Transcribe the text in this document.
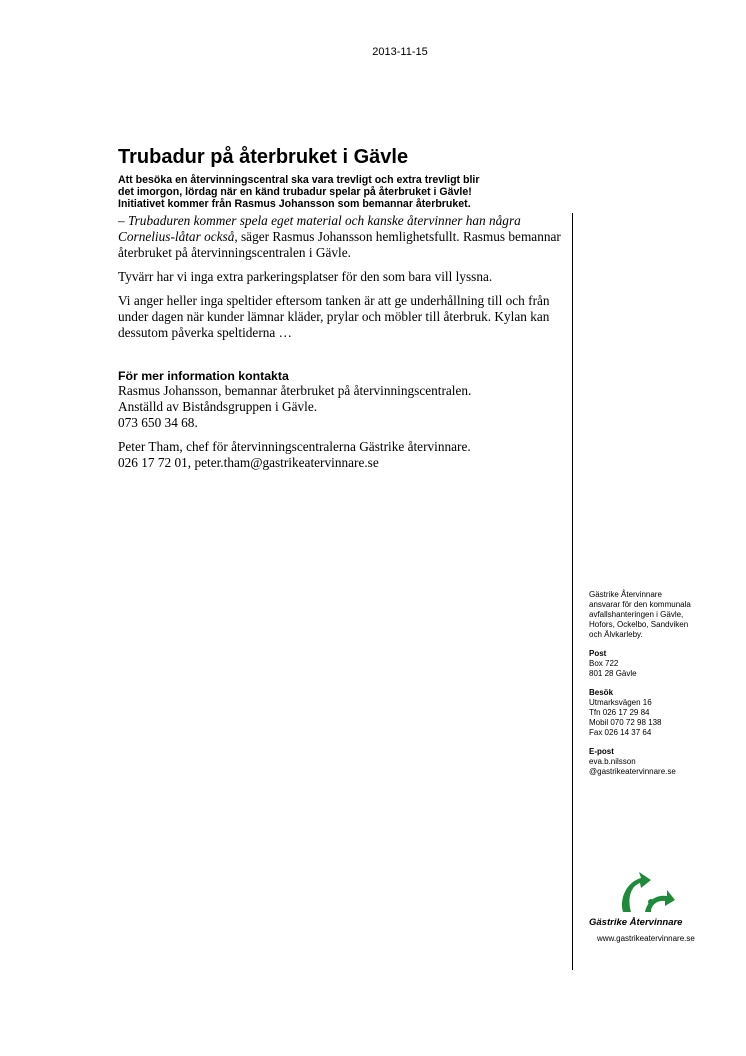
2013-11-15
Trubadur på återbruket i Gävle

Att besöka en återvinningscentral ska vara trevligt och extra trevligt blir
det imorgon, lördag när en känd trubadur spelar på återbruket i Gävle!
Initiativet kommer från Rasmus Johansson som bemannar återbruket.

– Trubaduren kommer spela eget material och kanske återvinner han några Cornelius-låtar också, säger Rasmus Johansson hemlighetsfullt. Rasmus bemannar återbruket på återvinningscentralen i Gävle.

Tyvärr har vi inga extra parkeringsplatser för den som bara vill lyssna.

Vi anger heller inga speltider eftersom tanken är att ge underhållning till och från under dagen när kunder lämnar kläder, prylar och möbler till återbruk. Kylan kan dessutom påverka speltiderna …

För mer information kontakta

Rasmus Johansson, bemannar återbruket på återvinningscentralen.
Anställd av Biståndsgruppen i Gävle.
073 650 34 68.

Peter Tham, chef för återvinningscentralerna Gästrike återvinnare.
026 17 72 01, peter.tham@gastrikeatervinnare.se

Gästrike Återvinnare
ansvarar för den kommunala
avfallshanteringen i Gävle,
Hofors, Ockelbo, Sandviken
och Älvkarleby.
Post
Box 722
801 28 Gävle
Besök
Utmarksvägen 16
Tfn 026 17 29 84
Mobil 070 72 98 138
Fax 026 14 37 64
E-post
eva.b.nilsson
@gastrikeatervinnare.se
Gästrike Återvinnare
www.gastrikeatervinnare.se
